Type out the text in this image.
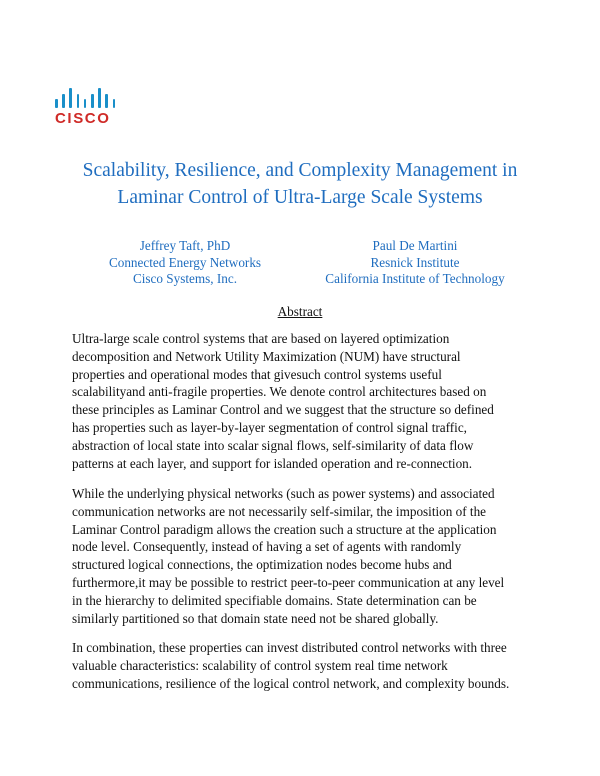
CISCO
Scalability, Resilience, and Complexity Management in
Laminar Control of Ultra-Large Scale Systems
Jeffrey Taft, PhD
Connected Energy Networks
Cisco Systems, Inc.
Paul De Martini
Resnick Institute
California Institute of Technology
Abstract
Ultra-large scale control systems that are based on layered optimization
decomposition and Network Utility Maximization (NUM) have structural
properties and operational modes that givesuch control systems useful
scalabilityand anti-fragile properties. We denote control architectures based on
these principles as Laminar Control and we suggest that the structure so defined
has properties such as layer-by-layer segmentation of control signal traffic,
abstraction of local state into scalar signal flows, self-similarity of data flow
patterns at each layer, and support for islanded operation and re-connection.
While the underlying physical networks (such as power systems) and associated
communication networks are not necessarily self-similar, the imposition of the
Laminar Control paradigm allows the creation such a structure at the application
node level. Consequently, instead of having a set of agents with randomly
structured logical connections, the optimization nodes become hubs and
furthermore,it may be possible to restrict peer-to-peer communication at any level
in the hierarchy to delimited specifiable domains. State determination can be
similarly partitioned so that domain state need not be shared globally.
In combination, these properties can invest distributed control networks with three
valuable characteristics: scalability of control system real time network
communications, resilience of the logical control network, and complexity bounds.
